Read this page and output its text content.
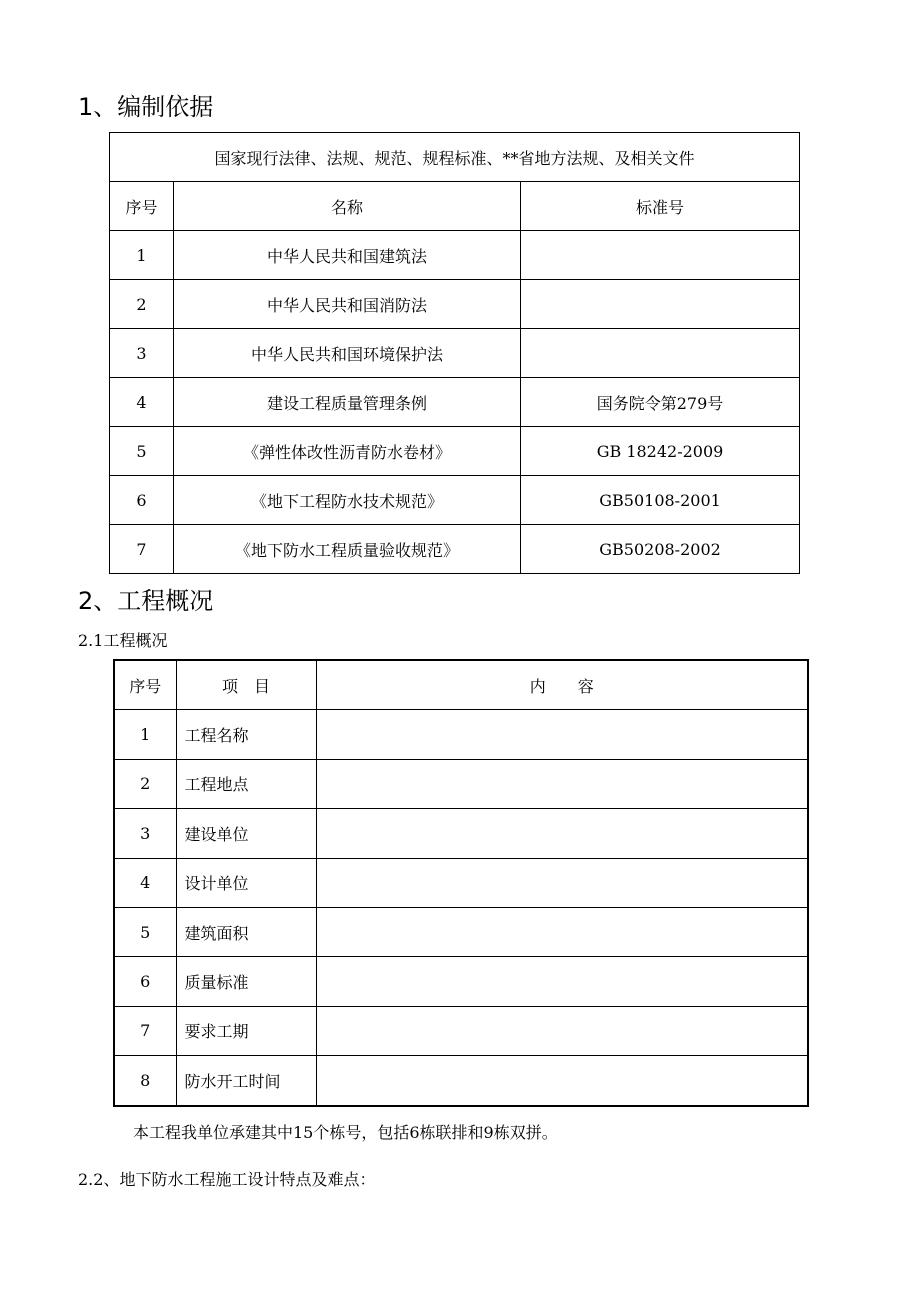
1、编制依据
国家现行法律、法规、规范、规程标准、**省地方法规、及相关文件		
序号	名称	标准号
1	中华人民共和国建筑法	
2	中华人民共和国消防法	
3	中华人民共和国环境保护法	
4	建设工程质量管理条例	国务院令第279号
5	《弹性体改性沥青防水卷材》	GB 18242-2009
6	《地下工程防水技术规范》	GB50108-2001
7	《地下防水工程质量验收规范》	GB50208-2002
2、工程概况
2.1工程概况
序号	项　目	内　　容
1	工程名称	
2	工程地点	
3	建设单位	
4	设计单位	
5	建筑面积	
6	质量标准	
7	要求工期	
8	防水开工时间	
本工程我单位承建其中15个栋号，包括6栋联排和9栋双拼。
2.2、地下防水工程施工设计特点及难点：
